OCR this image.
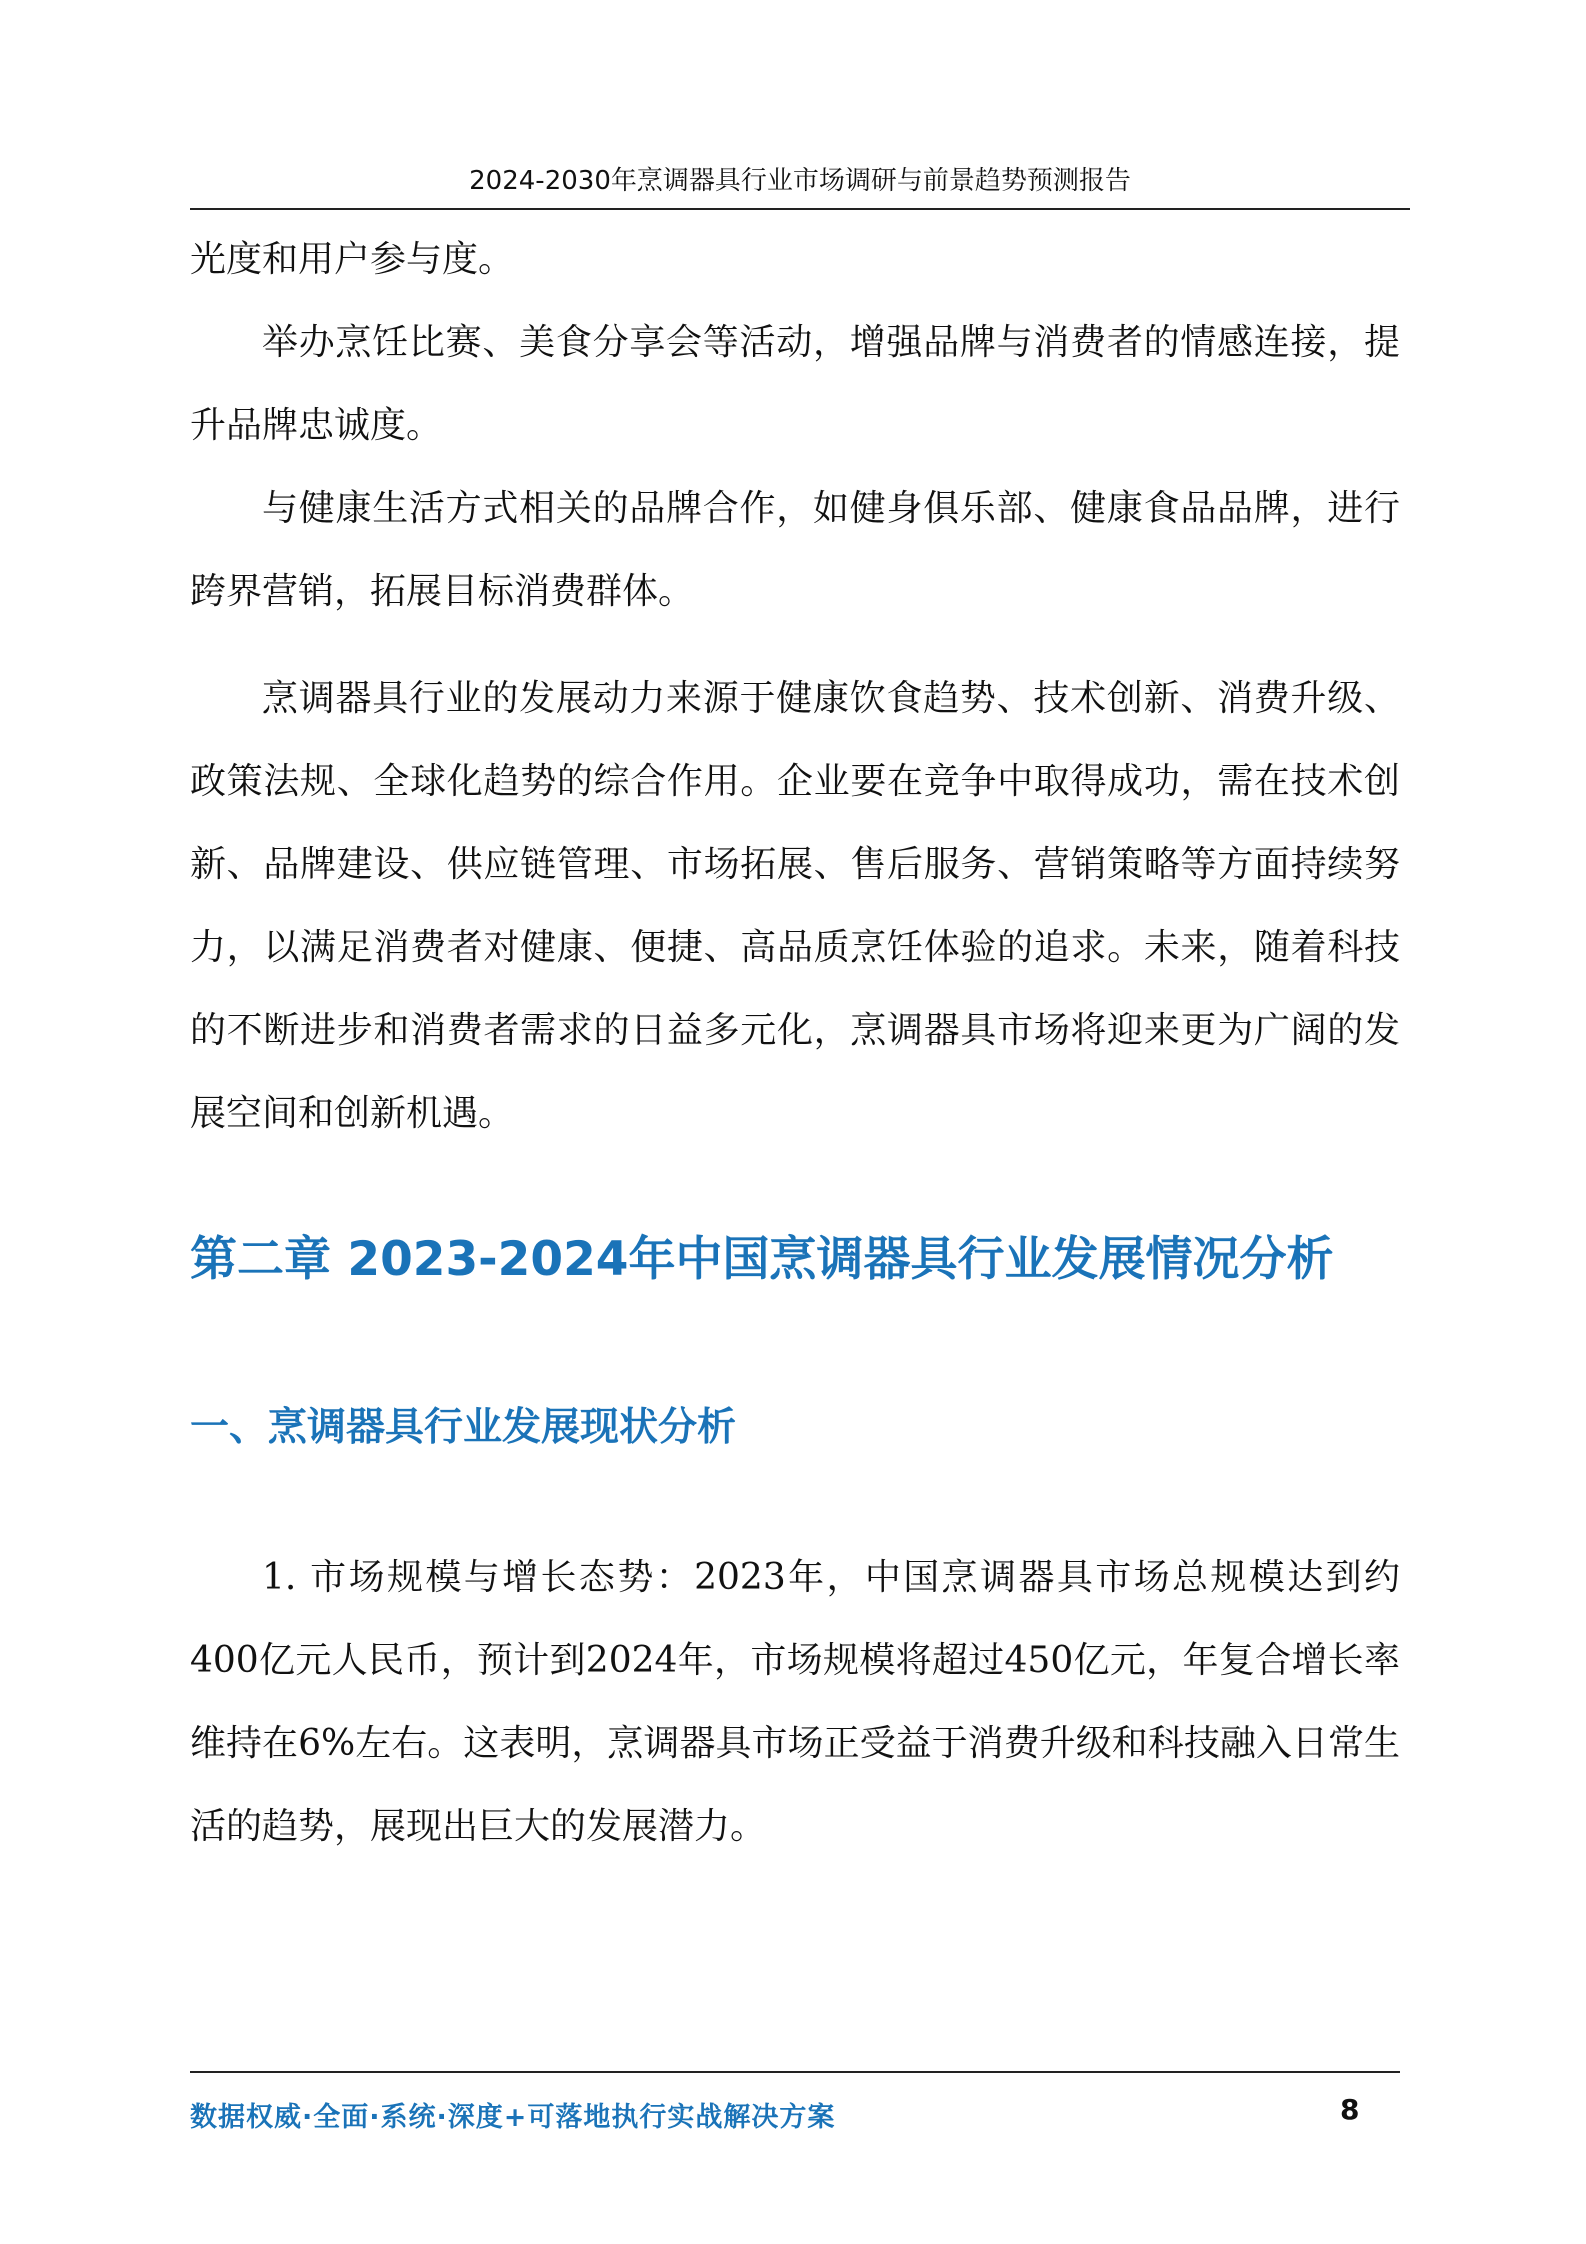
2024-2030年烹调器具行业市场调研与前景趋势预测报告

光度和用户参与度。

举办烹饪比赛、美食分享会等活动，增强品牌与消费者的情感连接，提升品牌忠诚度。

与健康生活方式相关的品牌合作，如健身俱乐部、健康食品品牌，进行跨界营销，拓展目标消费群体。

烹调器具行业的发展动力来源于健康饮食趋势、技术创新、消费升级、政策法规、全球化趋势的综合作用。企业要在竞争中取得成功，需在技术创新、品牌建设、供应链管理、市场拓展、售后服务、营销策略等方面持续努力，以满足消费者对健康、便捷、高品质烹饪体验的追求。未来，随着科技的不断进步和消费者需求的日益多元化，烹调器具市场将迎来更为广阔的发展空间和创新机遇。

第二章 2023-2024年中国烹调器具行业发展情况分析
一、烹调器具行业发展现状分析

1. 市场规模与增长态势：2023年，中国烹调器具市场总规模达到约400亿元人民币，预计到2024年，市场规模将超过450亿元，年复合增长率维持在6%左右。这表明，烹调器具市场正受益于消费升级和科技融入日常生活的趋势，展现出巨大的发展潜力。

数据权威·全面·系统·深度+可落地执行实战解决方案	8
